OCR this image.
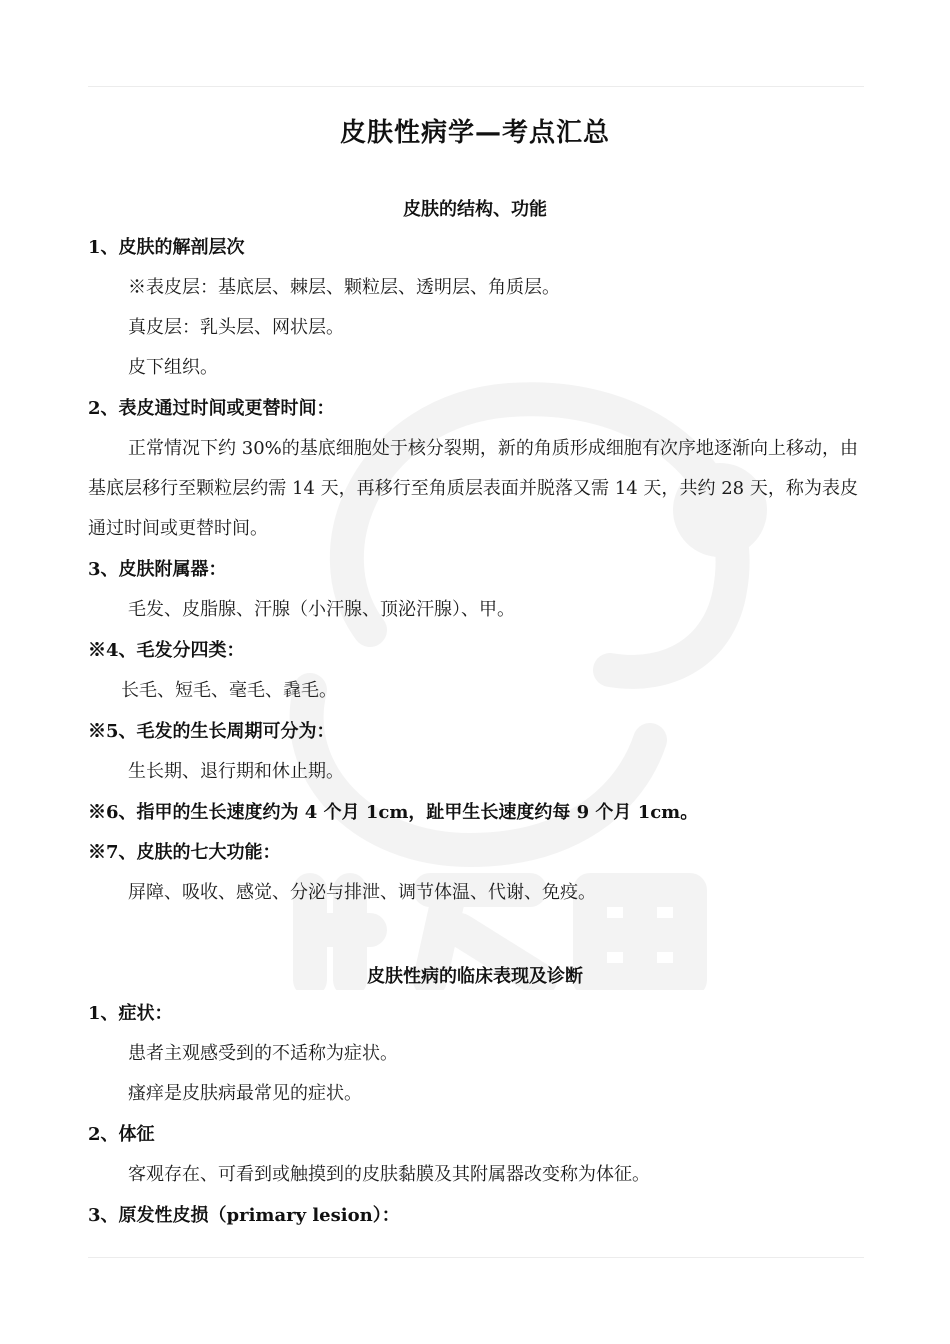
皮肤性病学—考点汇总
皮肤的结构、功能
1、皮肤的解剖层次
※表皮层：基底层、棘层、颗粒层、透明层、角质层。
真皮层：乳头层、网状层。
皮下组织。
2、表皮通过时间或更替时间：
正常情况下约 30%的基底细胞处于核分裂期，新的角质形成细胞有次序地逐渐向上移动，由基底层移行至颗粒层约需 14 天，再移行至角质层表面并脱落又需 14 天，共约 28 天，称为表皮通过时间或更替时间。
3、皮肤附属器：
毛发、皮脂腺、汗腺（小汗腺、顶泌汗腺）、甲。
※4、毛发分四类：
长毛、短毛、毫毛、毳毛。
※5、毛发的生长周期可分为：
生长期、退行期和休止期。
※6、指甲的生长速度约为 4 个月 1cm，趾甲生长速度约每 9 个月 1cm。
※7、皮肤的七大功能：
屏障、吸收、感觉、分泌与排泄、调节体温、代谢、免疫。
皮肤性病的临床表现及诊断
1、症状：
患者主观感受到的不适称为症状。
瘙痒是皮肤病最常见的症状。
2、体征
客观存在、可看到或触摸到的皮肤黏膜及其附属器改变称为体征。
3、原发性皮损（primary lesion）：
